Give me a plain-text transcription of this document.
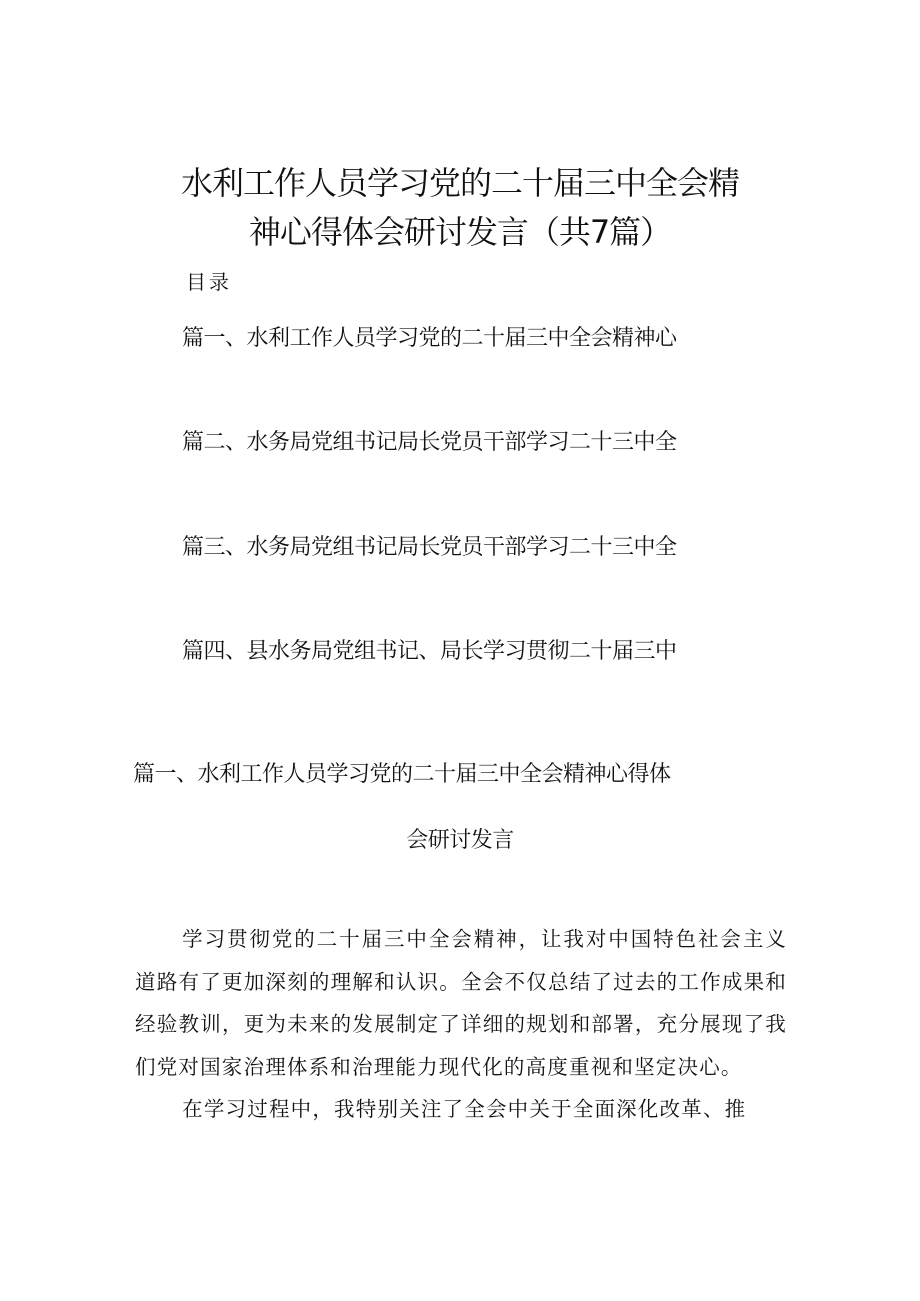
水利工作人员学习党的二十届三中全会精
神心得体会研讨发言（共7篇）
目录
篇一、水利工作人员学习党的二十届三中全会精神心
篇二、水务局党组书记局长党员干部学习二十三中全
篇三、水务局党组书记局长党员干部学习二十三中全
篇四、县水务局党组书记、局长学习贯彻二十届三中
篇一、水利工作人员学习党的二十届三中全会精神心得体
会研讨发言

学习贯彻党的二十届三中全会精神，让我对中国特色社会主义道路有了更加深刻的理解和认识。全会不仅总结了过去的工作成果和经验教训，更为未来的发展制定了详细的规划和部署，充分展现了我们党对国家治理体系和治理能力现代化的高度重视和坚定决心。

在学习过程中，我特别关注了全会中关于全面深化改革、推
